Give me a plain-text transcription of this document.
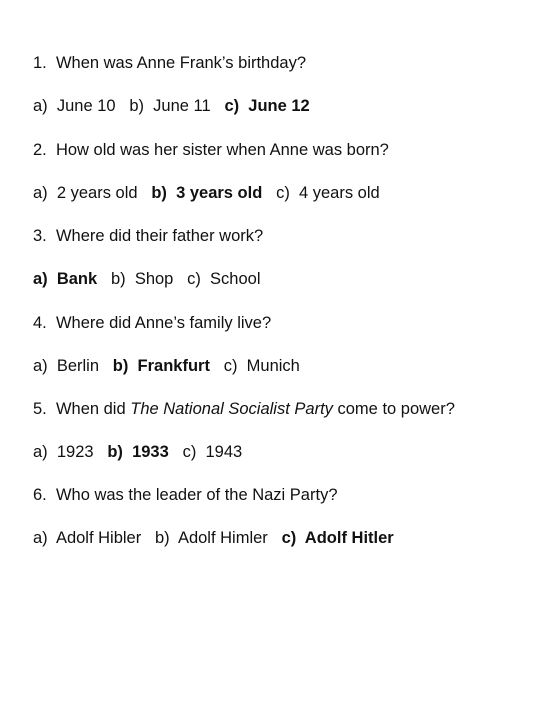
1. When was Anne Frank’s birthday?
a) June 10 b) June 11 c) June 12
2. How old was her sister when Anne was born?
a) 2 years old b) 3 years old c) 4 years old
3. Where did their father work?
a) Bank b) Shop c) School
4. Where did Anne’s family live?
a) Berlin b) Frankfurt c) Munich
5. When did The National Socialist Party come to power?
a) 1923 b) 1933 c) 1943
6. Who was the leader of the Nazi Party?
a) Adolf Hibler b) Adolf Himler c) Adolf Hitler
